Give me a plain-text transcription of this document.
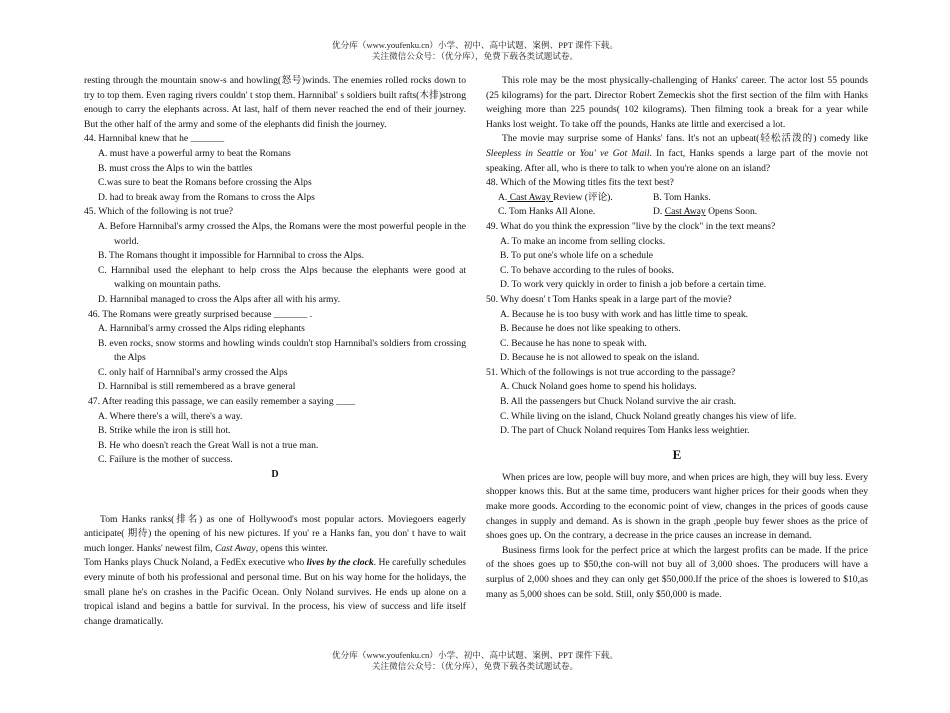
优分库（www.youfenku.cn）小学、初中、高中试题、案例、PPT 课件下载。
关注微信公众号：（优分库），免费下载各类试题试卷。

resting through the mountain snow-s and howling(怒号)winds. The enemies rolled rocks down to try to top them. Even raging rivers couldn' t stop them. Harnnibal' s soldiers built rafts(木排)strong enough to carry the elephants across. At last, half of them never reached the end of their journey. But the other half of the army and some of the elephants did finish the journey.

44. Harnnibal knew that he _______

A. must have a powerful army to beat the Romans

B. must cross the Alps to win the battles

C.was sure to beat the Romans before crossing the Alps

D. had to break away from the Romans to cross the Alps

45. Which of the following is not true?

A. Before Harnnibal's army crossed the Alps, the Romans were the most powerful people in the world.

B. The Romans thought it impossible for Harnnibal to cross the Alps.

C. Harnnibal used the elephant to help cross the Alps because the elephants were good at walking on mountain paths.

D. Harnnibal managed to cross the Alps after all with his army.

46. The Romans were greatly surprised because _______ .

A. Harnnibal's army crossed the Alps riding elephants

B. even rocks, snow storms and howling winds couldn't stop Harnnibal's soldiers from crossing the Alps

C. only half of Harnnibal's army crossed the Alps

D. Harnnibal is still remembered as a brave general

47. After reading this passage, we can easily remember a saying ____

A. Where there's a will, there's a way.

B. Strike while the iron is still hot.

B. He who doesn't reach the Great Wall is not a true man.

C. Failure is the mother of success.

D

Tom Hanks ranks(排名) as one of Hollywood's most popular actors. Moviegoers eagerly anticipate( 期待) the opening of his new pictures. If you' re a Hanks fan, you don' t have to wait much longer. Hanks' newest film, Cast Away, opens this winter.

Tom Hanks plays Chuck Noland, a FedEx executive who lives by the clock. He carefully schedules every minute of both his professional and personal time. But on his way home for the holidays, the small plane he's on crashes in the Pacific Ocean. Only Noland survives. He ends up alone on a tropical island and begins a battle for survival. In the process, his view of success and life itself change dramatically.

This role may be the most physically-challenging of Hanks' career. The actor lost 55 pounds (25 kilograms) for the part. Director Robert Zemeckis shot the first section of the film with Hanks weighing more than 225 pounds( 102 kilograms). Then filming took a break for a year while Hanks lost weight. To take off the pounds, Hanks ate little and exercised a lot.

The movie may surprise some of Hanks' fans. It's not an upbeat(轻松活泼的) comedy like Sleepless in Seattle or You' ve Got Mail. In fact, Hanks spends a large part of the movie not speaking. After all, who is there to talk to when you're alone on an island?

48. Which of the Mowing titles fits the text best?

A. Cast Away Review (评论).	B. Tom Hanks.
C. Tom Hanks All Alone.	D. Cast Away Opens Soon.

49. What do you think the expression "live by the clock" in the text means?

A. To make an income from selling clocks.

B. To put one's whole life on a schedule

C. To behave according to the rules of books.

D. To work very quickly in order to finish a job before a certain time.

50. Why doesn' t Tom Hanks speak in a large part of the movie?

A. Because he is too busy with work and has little time to speak.

B. Because he does not like speaking to others.

C. Because he has none to speak with.

D. Because he is not allowed to speak on the island.

51. Which of the followings is not true according to the passage?

A. Chuck Noland goes home to spend his holidays.

B. All the passengers but Chuck Noland survive the air crash.

C. While living on the island, Chuck Noland greatly changes his view of life.

D. The part of Chuck Noland requires Tom Hanks less weightier.

E

When prices are low, people will buy more, and when prices are high, they will buy less. Every shopper knows this. But at the same time, producers want higher prices for their goods when they make more goods. According to the economic point of view, changes in the prices of goods cause changes in supply and demand. As is shown in the graph ,people buy fewer shoes as the price of shoes goes up. On the contrary, a decrease in the price causes an increase in demand.

Business firms look for the perfect price at which the largest profits can be made. If the price of the shoes goes up to $50,the con-will not buy all of 3,000 shoes. The producers will have a surplus of 2,000 shoes and they can only get $50,000.If the price of the shoes is lowered to $10,as many as 5,000 shoes can be sold. Still, only $50,000 is made.

优分库（www.youfenku.cn）小学、初中、高中试题、案例、PPT 课件下载。
关注微信公众号：（优分库），免费下载各类试题试卷。
